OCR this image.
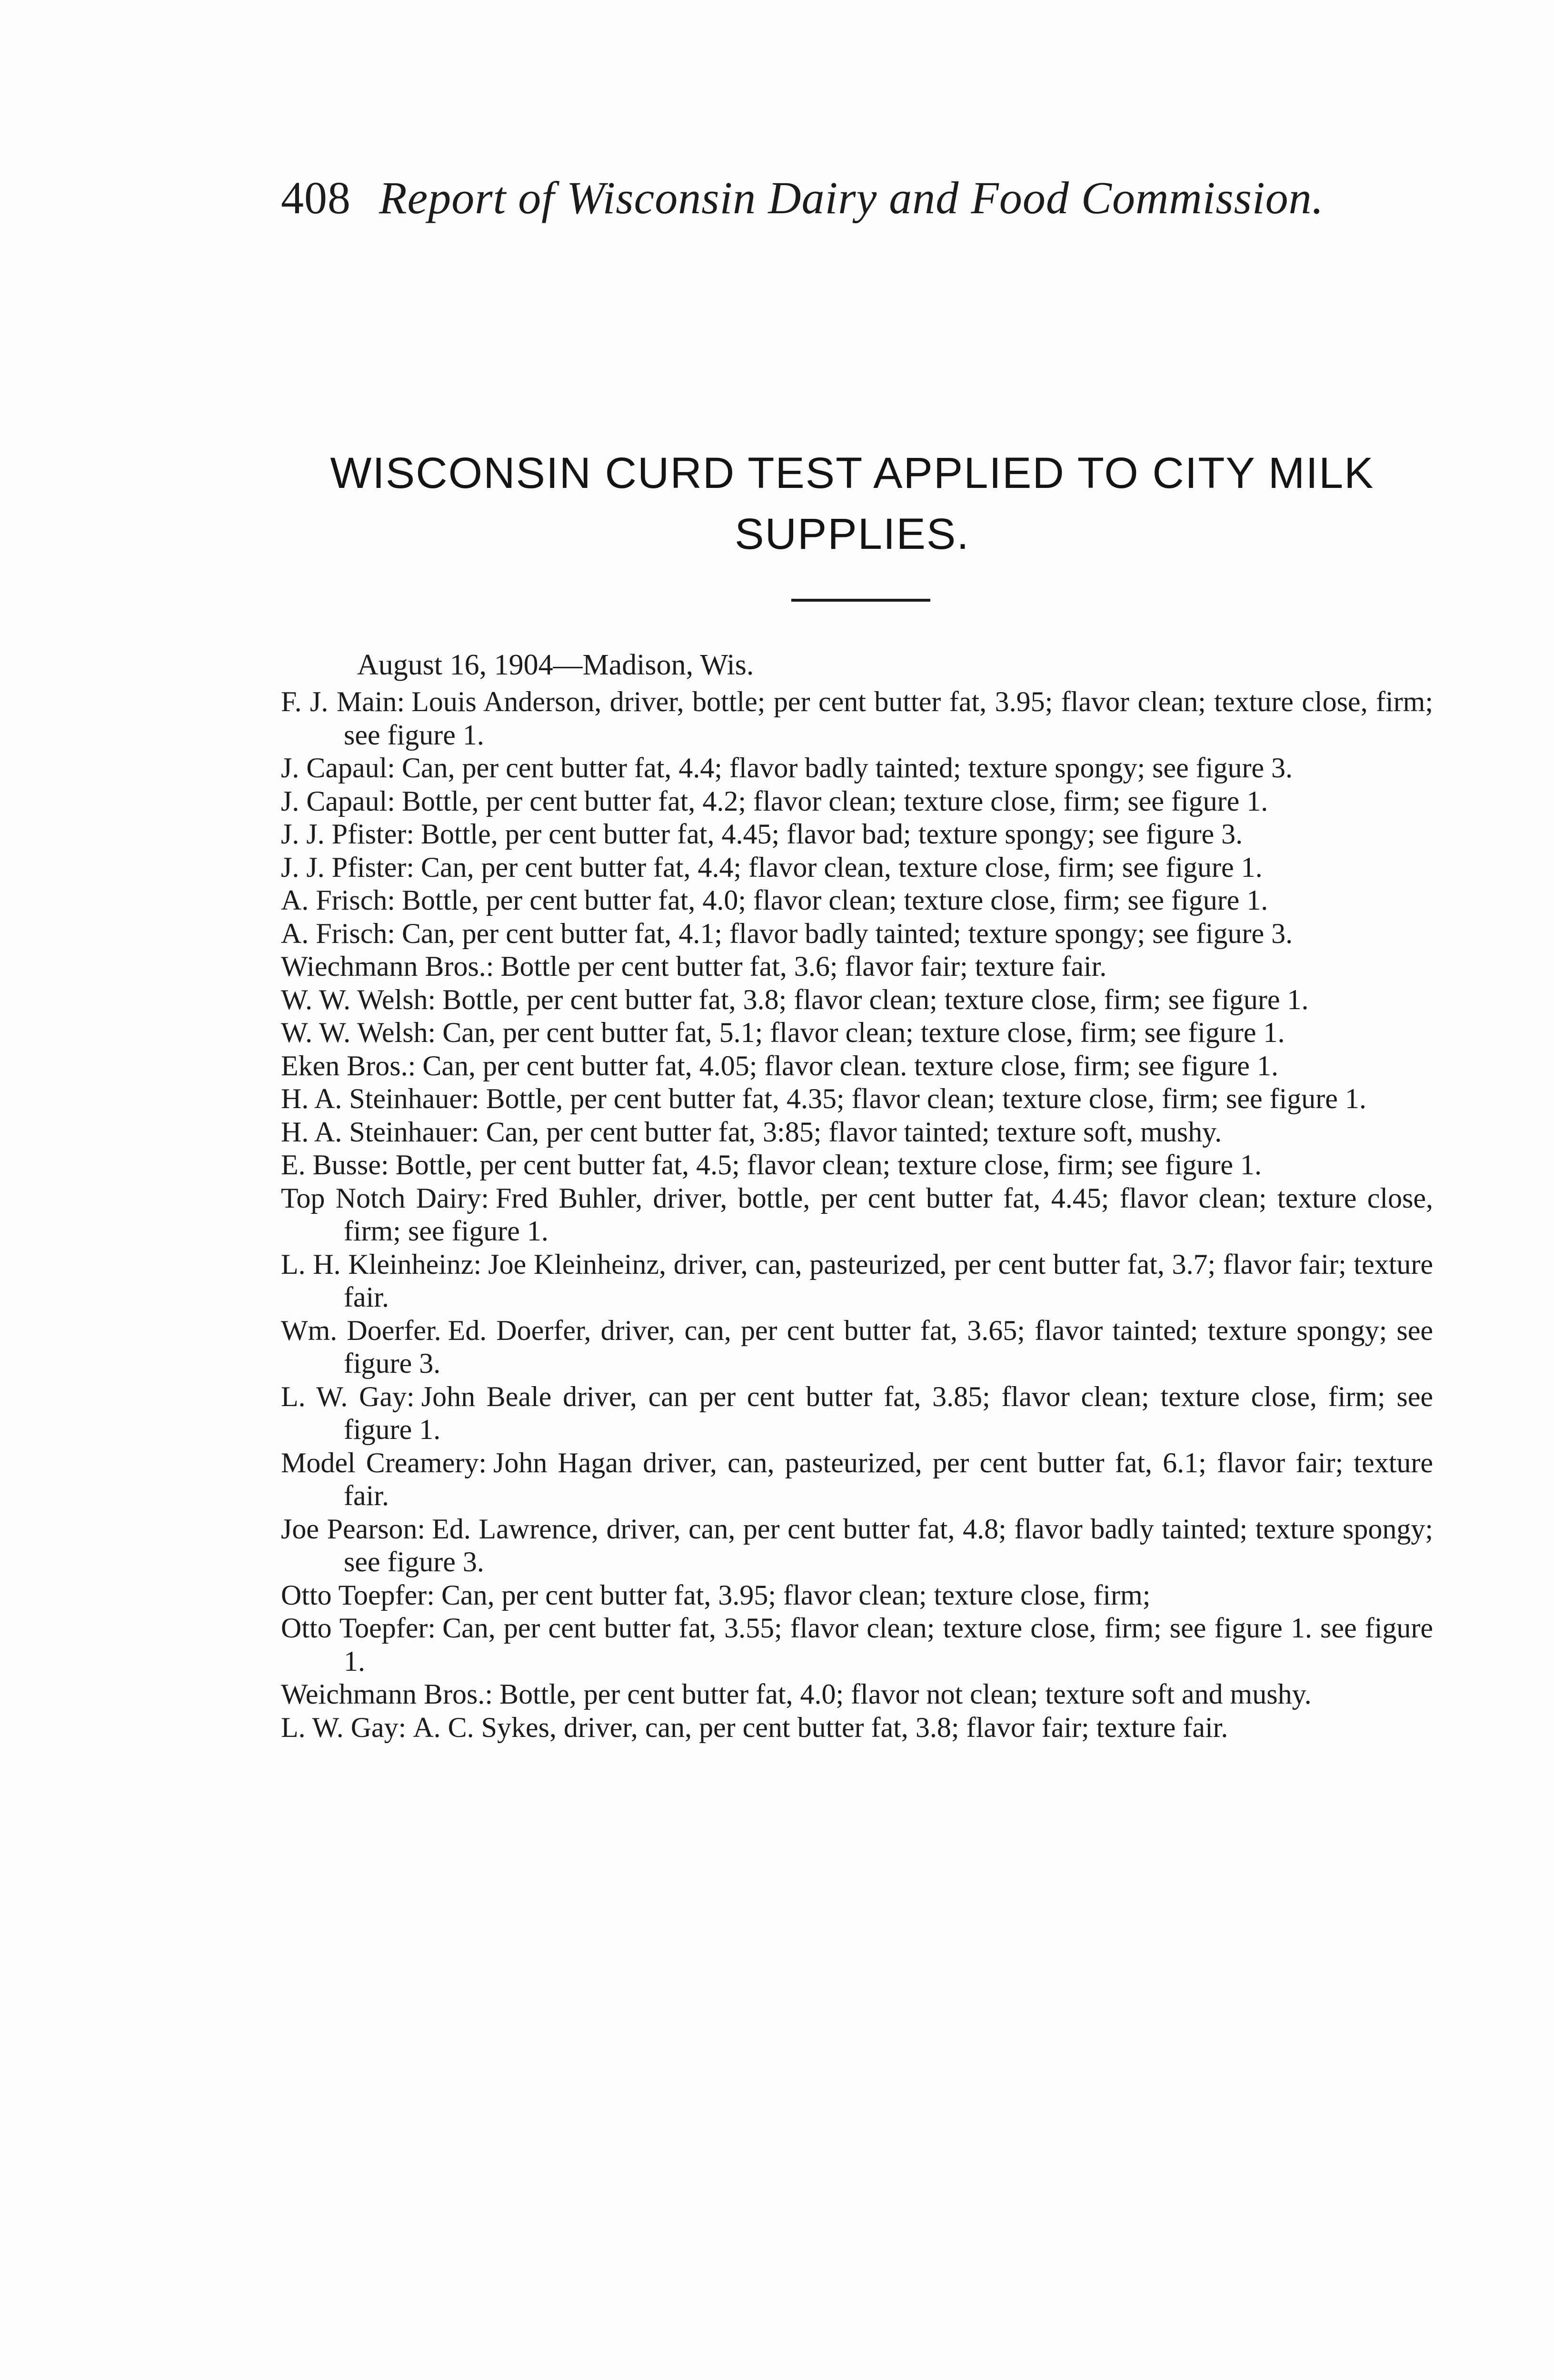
408 Report of Wisconsin Dairy and Food Commission.
WISCONSIN CURD TEST APPLIED TO CITY MILK
SUPPLIES.
August 16, 1904—Madison, Wis.
F. J. Main: Louis Anderson, driver, bottle; per cent butter fat, 3.95; flavor clean; texture close, firm; see figure 1.
J. Capaul: Can, per cent butter fat, 4.4; flavor badly tainted; texture spongy; see figure 3.
J. Capaul: Bottle, per cent butter fat, 4.2; flavor clean; texture close, firm; see figure 1.
J. J. Pfister: Bottle, per cent butter fat, 4.45; flavor bad; texture spongy; see figure 3.
J. J. Pfister: Can, per cent butter fat, 4.4; flavor clean, texture close, firm; see figure 1.
A. Frisch: Bottle, per cent butter fat, 4.0; flavor clean; texture close, firm; see figure 1.
A. Frisch: Can, per cent butter fat, 4.1; flavor badly tainted; texture spongy; see figure 3.
Wiechmann Bros.: Bottle per cent butter fat, 3.6; flavor fair; texture fair.
W. W. Welsh: Bottle, per cent butter fat, 3.8; flavor clean; texture close, firm; see figure 1.
W. W. Welsh: Can, per cent butter fat, 5.1; flavor clean; texture close, firm; see figure 1.
Eken Bros.: Can, per cent butter fat, 4.05; flavor clean. texture close, firm; see figure 1.
H. A. Steinhauer: Bottle, per cent butter fat, 4.35; flavor clean; texture close, firm; see figure 1.
H. A. Steinhauer: Can, per cent butter fat, 3:85; flavor tainted; texture soft, mushy.
E. Busse: Bottle, per cent butter fat, 4.5; flavor clean; texture close, firm; see figure 1.
Top Notch Dairy: Fred Buhler, driver, bottle, per cent butter fat, 4.45; flavor clean; texture close, firm; see figure 1.
L. H. Kleinheinz: Joe Kleinheinz, driver, can, pasteurized, per cent butter fat, 3.7; flavor fair; texture fair.
Wm. Doerfer. Ed. Doerfer, driver, can, per cent butter fat, 3.65; flavor tainted; texture spongy; see figure 3.
L. W. Gay: John Beale driver, can per cent butter fat, 3.85; flavor clean; texture close, firm; see figure 1.
Model Creamery: John Hagan driver, can, pasteurized, per cent butter fat, 6.1; flavor fair; texture fair.
Joe Pearson: Ed. Lawrence, driver, can, per cent butter fat, 4.8; flavor badly tainted; texture spongy; see figure 3.
Otto Toepfer: Can, per cent butter fat, 3.95; flavor clean; texture close, firm;
Otto Toepfer: Can, per cent butter fat, 3.55; flavor clean; texture close, firm; see figure 1. see figure 1.
Weichmann Bros.: Bottle, per cent butter fat, 4.0; flavor not clean; texture soft and mushy.
L. W. Gay: A. C. Sykes, driver, can, per cent butter fat, 3.8; flavor fair; texture fair.
